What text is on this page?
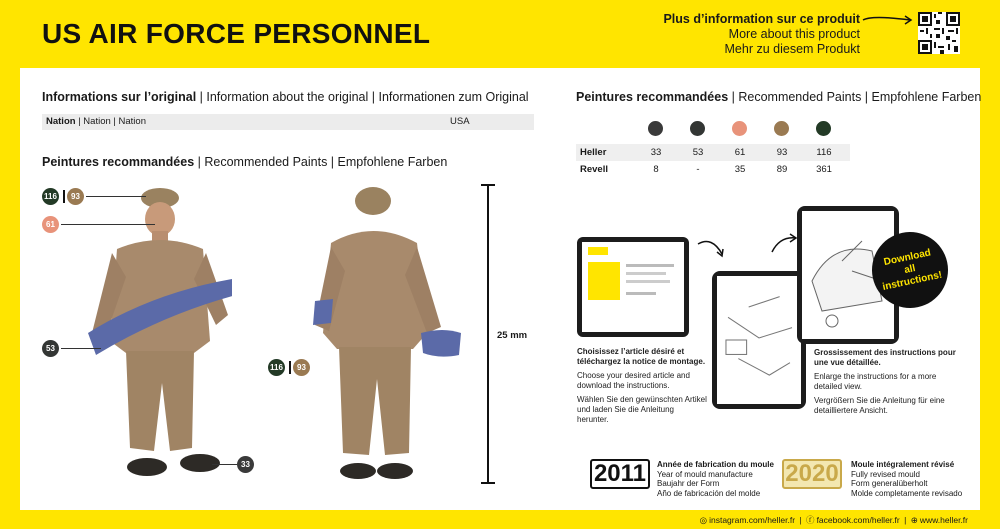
US AIR FORCE PERSONNEL	Plus d’information sur ce produit
More about this product
Mehr zu diesem Produkt
Informations sur l’original | Information about the original | Informationen zum Original
Nation | Nation | Nation	USA
Peintures recommandées | Recommended Paints | Empfohlene Farben
116	93
61
53
33
116	93
25 mm
Peintures recommandées | Recommended Paints | Empfohlene Farben
Heller	33	53	61	93	116
Revell	8	-	35	89	361
Download all instructions!

Choisissez l’article désiré et téléchargez la notice de montage.

Choose your desired article and download the instructions.

Wählen Sie den gewünschten Artikel und laden Sie die Anleitung herunter.

Grossissement des instructions pour une vue détaillée.

Enlarge the instructions for a more detailed view.

Vergrößern Sie die Anleitung für eine detailliertere Ansicht.

2011	Année de fabrication du moule
Year of mould manufacture
Baujahr der Form
Año de fabricación del molde
2020	Moule intégralement révisé
Fully revised mould
Form generalüberholt
Molde completamente revisado
◎ instagram.com/heller.fr | ⓕ facebook.com/heller.fr | ⊕ www.heller.fr
